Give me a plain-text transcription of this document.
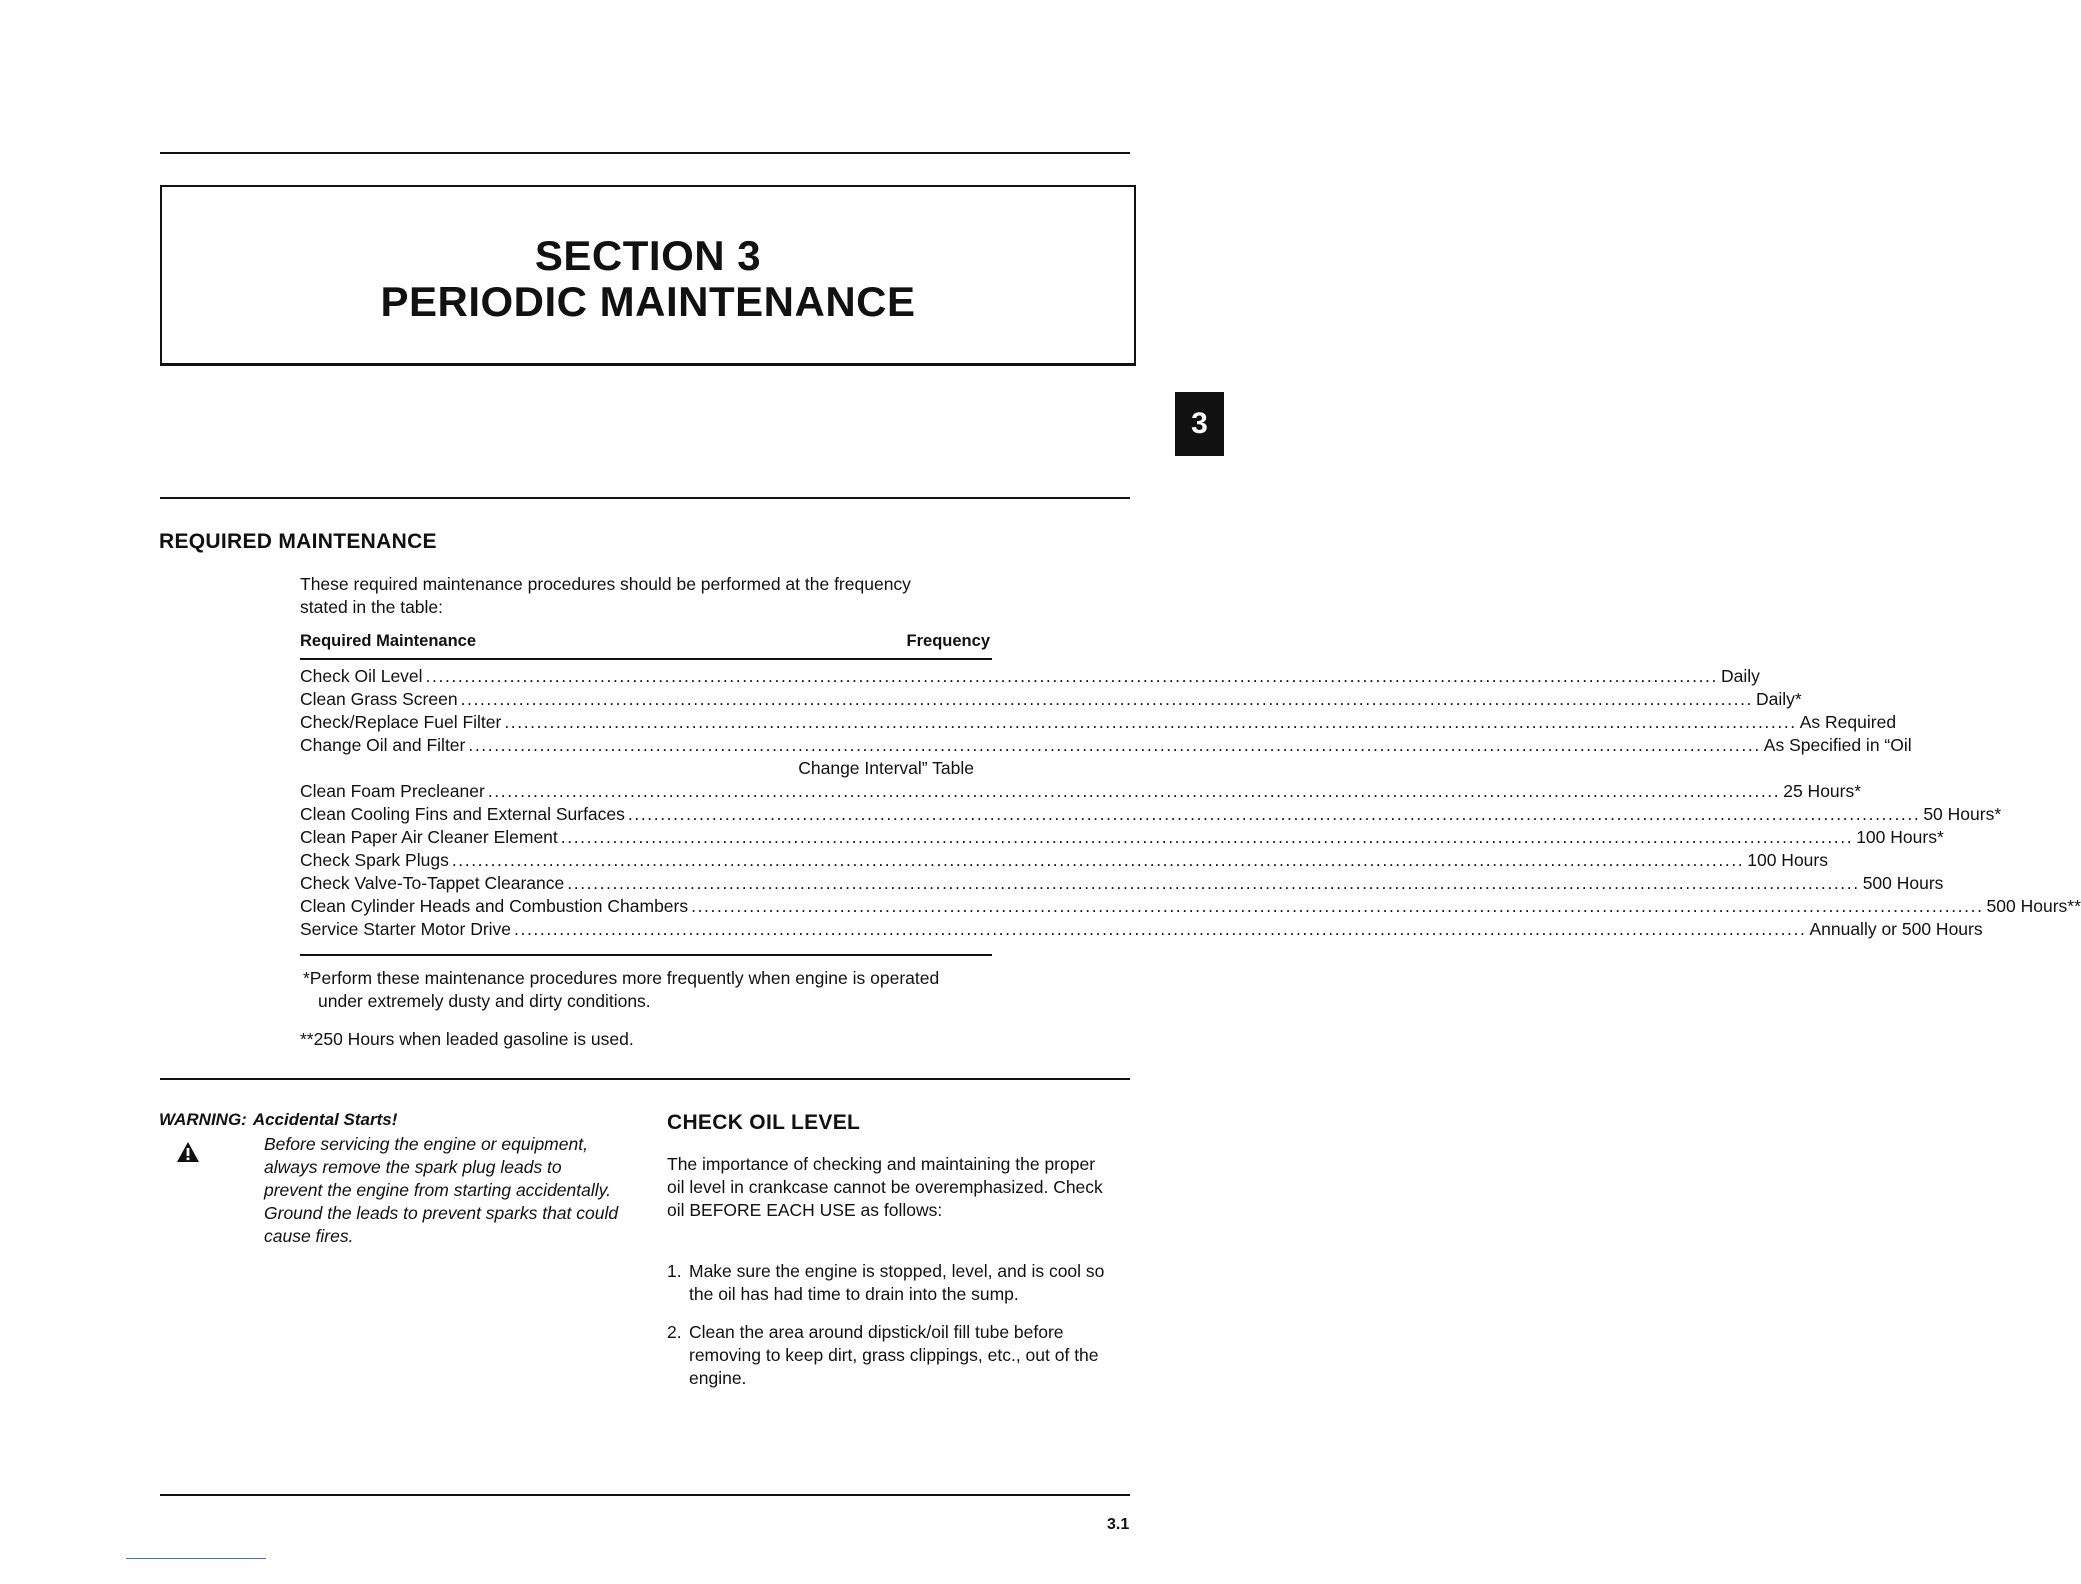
SECTION 3
PERIODIC MAINTENANCE
3
REQUIRED MAINTENANCE
These required maintenance procedures should be performed at the frequency stated in the table:
Required Maintenance	Frequency
Check Oil Level ........................................................................................................................................................................................................ Daily
Clean Grass Screen ........................................................................................................................................................................................................ Daily*
Check/Replace Fuel Filter ........................................................................................................................................................................................................ As Required
Change Oil and Filter ........................................................................................................................................................................................................ As Specified in “Oil
Change Interval” Table
Clean Foam Precleaner ........................................................................................................................................................................................................ 25 Hours*
Clean Cooling Fins and External Surfaces ........................................................................................................................................................................................................ 50 Hours*
Clean Paper Air Cleaner Element ........................................................................................................................................................................................................ 100 Hours*
Check Spark Plugs ........................................................................................................................................................................................................ 100 Hours
Check Valve-To-Tappet Clearance ........................................................................................................................................................................................................ 500 Hours
Clean Cylinder Heads and Combustion Chambers ........................................................................................................................................................................................................ 500 Hours**
Service Starter Motor Drive ........................................................................................................................................................................................................ Annually or 500 Hours
*Perform these maintenance procedures more frequently when engine is operated under extremely dusty and dirty conditions.
**250 Hours when leaded gasoline is used.
WARNING: Accidental Starts!
Before servicing the engine or equipment, always remove the spark plug leads to prevent the engine from starting accidentally. Ground the leads to prevent sparks that could cause fires.
CHECK OIL LEVEL
The importance of checking and maintaining the proper oil level in crankcase cannot be overemphasized. Check oil BEFORE EACH USE as follows:
1. Make sure the engine is stopped, level, and is cool so the oil has had time to drain into the sump.
2. Clean the area around dipstick/oil fill tube before removing to keep dirt, grass clippings, etc., out of the engine.
3.1
